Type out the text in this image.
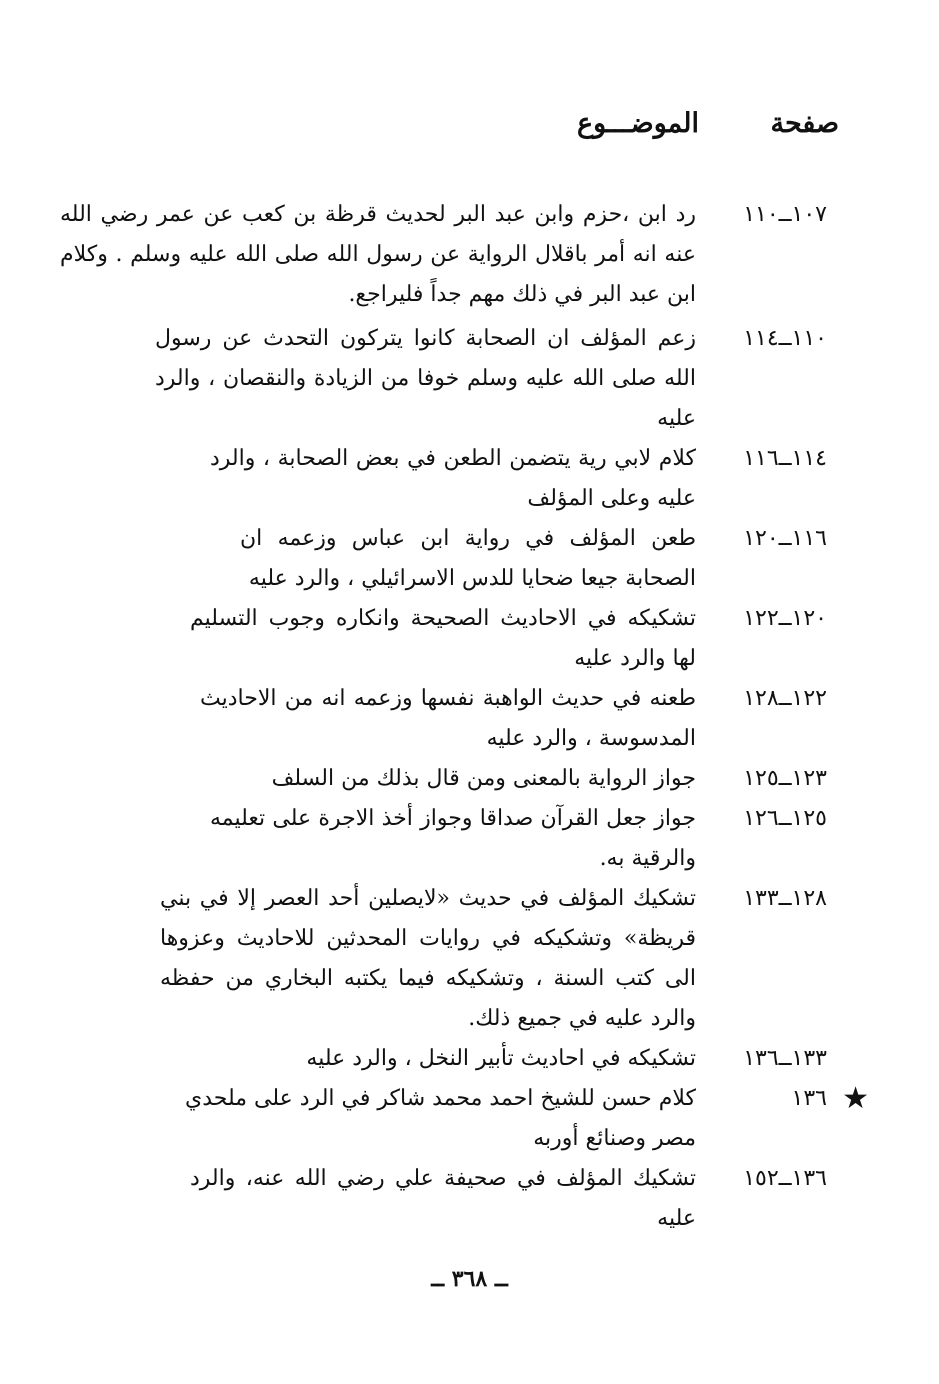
صفحة
الموضـــوع
١٠٧ــ١١٠
رد ابن ،حزم وابن عبد البر لحديث قرظة بن كعب عن عمر رضي الله عنه انه أمر باقلال الرواية عن رسول الله صلى الله عليه وسلم . وكلام ابن عبد البر في ذلك مهم جداً فليراجع.
١١٠ــ١١٤
زعم المؤلف ان الصحابة كانوا يتركون التحدث عن رسول الله صلى الله عليه وسلم خوفا من الزيادة والنقصان ، والرد عليه
١١٤ــ١١٦
كلام لابي رية يتضمن الطعن في بعض الصحابة ، والرد عليه وعلى المؤلف
١١٦ــ١٢٠
طعن المؤلف في رواية ابن عباس وزعمه ان الصحابة جيعا ضحايا للدس الاسرائيلي ، والرد عليه
١٢٠ــ١٢٢
تشكيكه في الاحاديث الصحيحة وانكاره وجوب التسليم لها والرد عليه
١٢٢ــ١٢٨
طعنه في حديث الواهبة نفسها وزعمه انه من الاحاديث المدسوسة ، والرد عليه
١٢٣ــ١٢٥
جواز الرواية بالمعنى ومن قال بذلك من السلف
١٢٥ــ١٢٦
جواز جعل القرآن صداقا وجواز أخذ الاجرة على تعليمه والرقية به.
١٢٨ــ١٣٣
تشكيك المؤلف في حديث «لايصلين أحد العصر إلا في بني قريظة» وتشكيكه في روايات المحدثين للاحاديث وعزوها الى كتب السنة ، وتشكيكه فيما يكتبه البخاري من حفظه والرد عليه في جميع ذلك.
١٣٣ــ١٣٦
تشكيكه في احاديث تأبير النخل ، والرد عليه
★
١٣٦
كلام حسن للشيخ احمد محمد شاكر في الرد على ملحدي مصر وصنائع أوربه
١٣٦ــ١٥٢
تشكيك المؤلف في صحيفة علي رضي الله عنه، والرد عليه
ــ ٣٦٨ ــ
